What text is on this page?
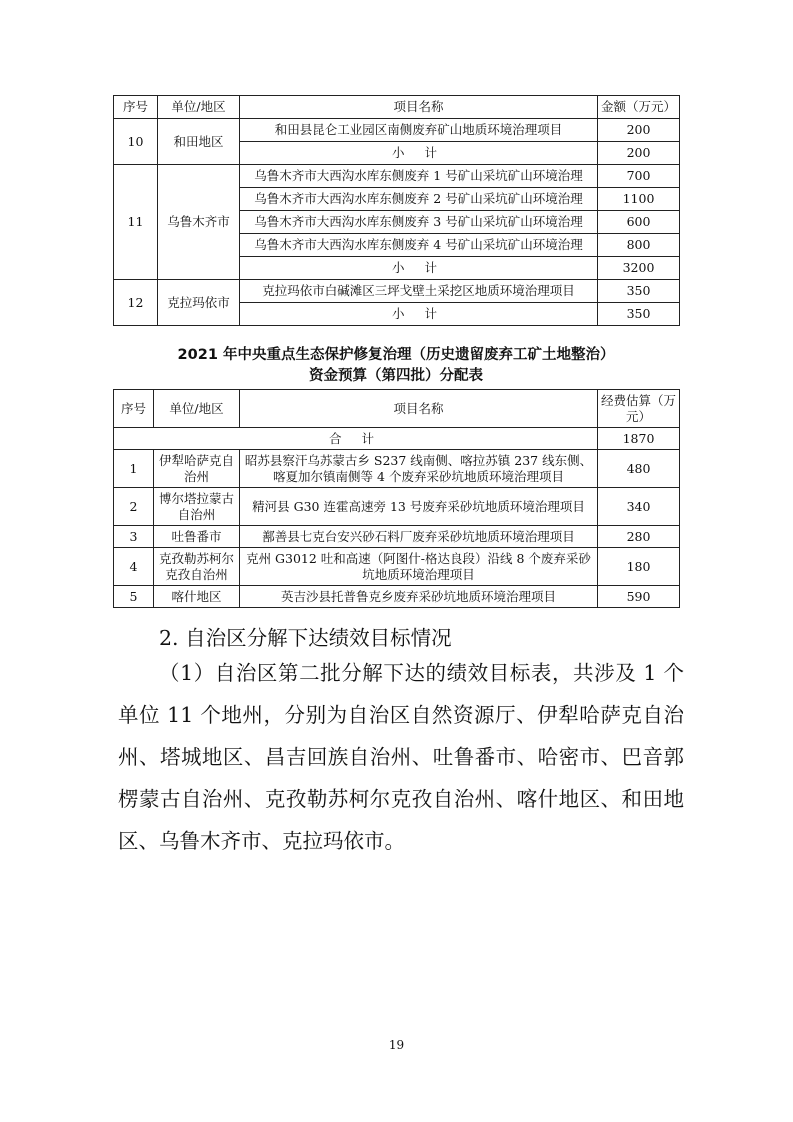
序号	单位/地区	项目名称	金额（万元）
10	和田地区	和田县昆仑工业园区南侧废弃矿山地质环境治理项目	200
		小 计	200
11	乌鲁木齐市	乌鲁木齐市大西沟水库东侧废弃 1 号矿山采坑矿山环境治理	700
		乌鲁木齐市大西沟水库东侧废弃 2 号矿山采坑矿山环境治理	1100
		乌鲁木齐市大西沟水库东侧废弃 3 号矿山采坑矿山环境治理	600
		乌鲁木齐市大西沟水库东侧废弃 4 号矿山采坑矿山环境治理	800
		小 计	3200
12	克拉玛依市	克拉玛依市白碱滩区三坪戈壁土采挖区地质环境治理项目	350
		小 计	350
2021 年中央重点生态保护修复治理（历史遗留废弃工矿土地整治）
资金预算（第四批）分配表
序号	单位/地区	项目名称	经费估算（万元）
合 计			1870
1	伊犁哈萨克自治州	昭苏县察汗乌苏蒙古乡 S237 线南侧、喀拉苏镇 237 线东侧、喀夏加尔镇南侧等 4 个废弃采砂坑地质环境治理项目	480
2	博尔塔拉蒙古自治州	精河县 G30 连霍高速旁 13 号废弃采砂坑地质环境治理项目	340
3	吐鲁番市	鄯善县七克台安兴砂石料厂废弃采砂坑地质环境治理项目	280
4	克孜勒苏柯尔克孜自治州	克州 G3012 吐和高速（阿图什-格达良段）沿线 8 个废弃采砂坑地质环境治理项目	180
5	喀什地区	英吉沙县托普鲁克乡废弃采砂坑地质环境治理项目	590
2. 自治区分解下达绩效目标情况

（1）自治区第二批分解下达的绩效目标表，共涉及 1 个单位 11 个地州，分别为自治区自然资源厅、伊犁哈萨克自治州、塔城地区、昌吉回族自治州、吐鲁番市、哈密市、巴音郭楞蒙古自治州、克孜勒苏柯尔克孜自治州、喀什地区、和田地区、乌鲁木齐市、克拉玛依市。

19
